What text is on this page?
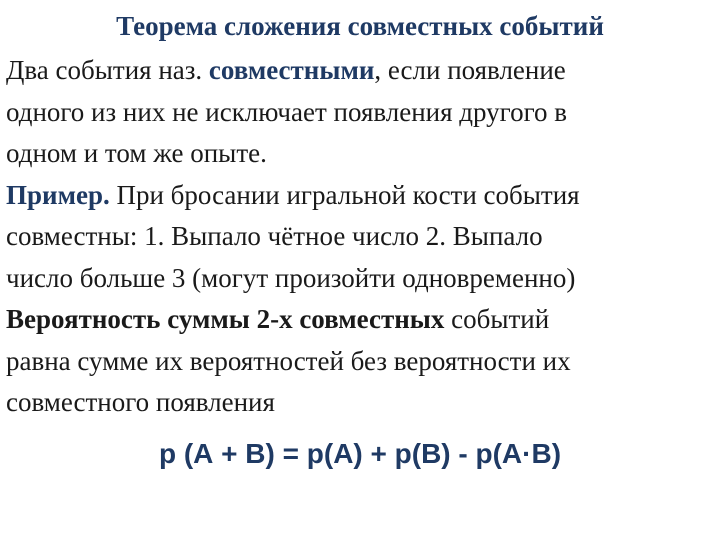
Теорема сложения совместных событий
Два события наз. совместными, если появление
одного из них не исключает появления другого в
одном и том же опыте.
Пример. При бросании игральной кости события
совместны: 1. Выпало чётное число 2. Выпало
число больше 3 (могут произойти одновременно)
Вероятность суммы 2-х совместных событий
равна сумме их вероятностей без вероятности их
совместного появления
р (А + В) = р(А) + р(В) - р(А·В)
